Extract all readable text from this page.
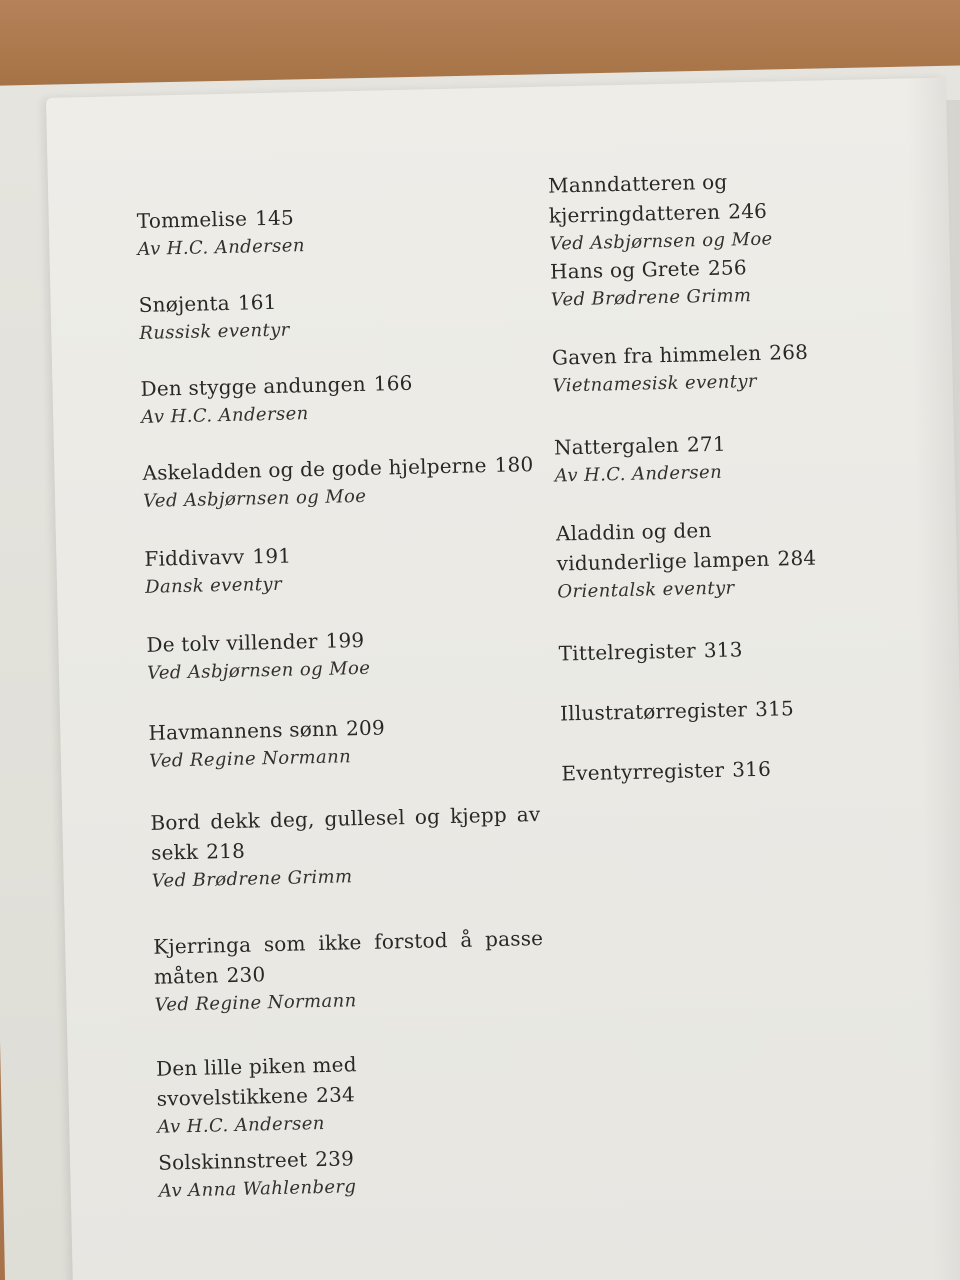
Tommelise 145
Av H.C. Andersen
Snøjenta 161
Russisk eventyr
Den stygge andungen 166
Av H.C. Andersen
Askeladden og de gode hjelperne 180
Ved Asbjørnsen og Moe
Fiddivavv 191
Dansk eventyr
De tolv villender 199
Ved Asbjørnsen og Moe
Havmannens sønn 209
Ved Regine Normann
Bord dekk deg, gullesel og kjepp av sekk 218
Ved Brødrene Grimm
Kjerringa som ikke forstod å passe måten 230
Ved Regine Normann
Den lille piken med svovelstikkene 234
Av H.C. Andersen
Solskinnstreet 239
Av Anna Wahlenberg
Manndatteren og kjerringdatteren 246
Ved Asbjørnsen og Moe
Hans og Grete 256
Ved Brødrene Grimm
Gaven fra himmelen 268
Vietnamesisk eventyr
Nattergalen 271
Av H.C. Andersen
Aladdin og den vidunderlige lampen 284
Orientalsk eventyr
Tittelregister 313
Illustratørregister 315
Eventyrregister 316
